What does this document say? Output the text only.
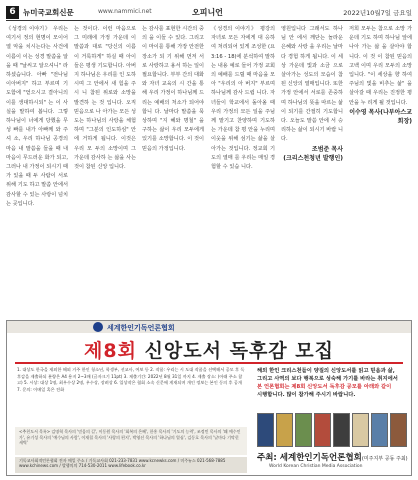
6 뉴미국교회신문	www.nammici.net	오피니언	2022년10월7일 금요일

《성경의 이야기》 우리는 여기서 정의 현명이 모이어 열 악을 치시는다는 사건에 이름이 이는 성경 말씀을 알을 때 "날씨고 알으셔니" 라 하셨습니다. 아빠 "전나님 이아버지" 하고 부르며 기도함에 "얻으시고 결아니의 이를 생대하시되" 는 이 사실을 말하여 봅니다. 그렇 하나님이 너에게 당했을 무성 빠를 내가 아빠께 와 주 셔 소, 우리 하나님 공경의 마음 내 말씀을 들을 때 내 마음이 무드러운 화가 되고, 그러나 내 가정이 되시기 때 가 있을 때 두 사람이 서로 위해 기도 하고 말씀 안에서 감사할 수 있는 사랑이 넘치는 곳입니다.

는 것이다. 이런 마음으로 그 미래에 가정 가운데 이 말씀과 대로 "당신의 이름이 거룩하게" 하실 때 아이들은 평생 기도합니다. 아버지 하나님은 우리를 인 도하시며 그 안에서 새 힘을 주시 니 참된 위로와 소망을 발견하 는 것 입니다. 오직 믿음으로 나 아가는 모든 성도는 하나님의 사랑을 체험하며 "그분의 인도하심" 안에 거하게 됩니다. 이것은 우리 모 두의 소망이며 그 가운데 감사하 는 삶을 사는 것이 참된 신앙 입니다.

는 감사를 표현한 시간의 중의 을 이들 수 있다. 그리고 이 마이를 통해 가장 안전한 장소가 되 기 위해 먼저 서로 사랑하고 용서 하는 일이 필요합니다. 부부 간의 대화와 자녀 교육의 시 간을 통해 우리 가정이 하나님께 드 리는 예배의 처소가 되어야 합니 다. 날마다 말씀을 묵상하며 "지 혜와 명철" 을 구하는 삶이 우리 모두에게 있기를 소망합니다. 이 것이 믿음의 가정입니다.

《성경의 이야기》 평강의 자녀로 모든 자에게 대 응하여 처리되어 있게 조성한 (요 3:16 - 18)에 분석하여 말하는 내용 예로 들어 가정 교회의 예배를 드릴 때 마음을 모아 "우리의 아 버지" 부르며 하나님께 감사 드립 니다. 자녀들이 학교에서 돌아올 때 우리 가정의 모든 일을 주님께 맡기고 찬양하며 기도하는 가운데 참 평 안을 누리며 이웃을 위해 섬기는 삶을 살아가는 것입니다. 정교회 기도의 열매 를 우리는 매일 경험할 수 있습 니다.

영원입니다 그래서도 하나님 안 에서 깨닫는 놀라운 은혜와 사랑 을 우리는 날마다 경험 하게 됩니다. 이 세상 가운데 빛과 소금 으로 살아가는 성도의 모습이 참 된 신앙의 열매입니다. 또한 가정 안에서 서로를 존중하며 하나님의 뜻을 따르는 삶이 되기를 간절히 기도합니다. 오늘도 말씀 안에 서 승리하는 삶이 되시기 바랍 니다.

조범준 목사
(크리스천청년 발행인)

저희 모두는 참으로 소망 가운데 기도 하며 하나님 앞에 나아 가는 삶 을 살아야 합니다. 이 것 이 참된 믿음의 고백 이며 우리 모두의 소망 입니다. "이 세상을 향 하여 주님의 빛을 비추는 삶" 을 살아갈 때 우리는 진정한 평안을 누 리게 될 것입니다.

이수영 목사(나부아스교회장)
세계한인기독언론협회
제8회 신앙도서 독후감 모집
1. 대상도 한국을 제외한 해외 거주 한인 청소년, 학생부, 선교사, 여보 등 2. 작품: 우리는 시 도대 작품을 선택해서 공모 후 독후감을 제출하되 분량은 A4 용지 2~3매 (글자크기 11pt) 3. 제출기간: 2022년 8월 31일 까지 4. 제출 장소: (아래 주소 참고) 5. 시상: 대상 1명, 최우수상 2명, 우수상, 장려상 6. 입상작은 협회 소속 신문에 게재되며 개인 정보는 본인 동의 후 공개 7. 문의: 이메일 혹은 전화
해외 한인 크리스천들이 양질의 신앙도서를 읽고 믿음과 삶,
그리고 사역의 보다 행복으로 성숙해 가기를 바라는 취지에서
본 언론협회는 제8회 신앙도서 독후감 공모를 아래와 같이
시행합니다. 많이 참가해 주시기 바랍니다.
<추천도서 목록> 김명혁 목사의 '믿음의 길', 이동원 목사의 '회복의 은혜', 한홍 목사의 '기도의 능력', 조정민 목사의 '왜 예수인가', 유기성 목사의 '예수님의 사람', 이재철 목사의 '사랑의 편지', 박영선 목사의 '하나님의 열심', 김동호 목사의 '날마다 기막힌 새벽'
기독교사회적언론협회 전자 메일 주소 / 기독교사회 021-233-7831 www.kcnewks.com / 미주뉴스 021-568-7885 www.kchinews.com / 발행의의 714-530-2011 www.lifebook.co.kr
주최: 세계한인기독언론협회(미주지부 공동 주최)
World Korean Christian Media Association
